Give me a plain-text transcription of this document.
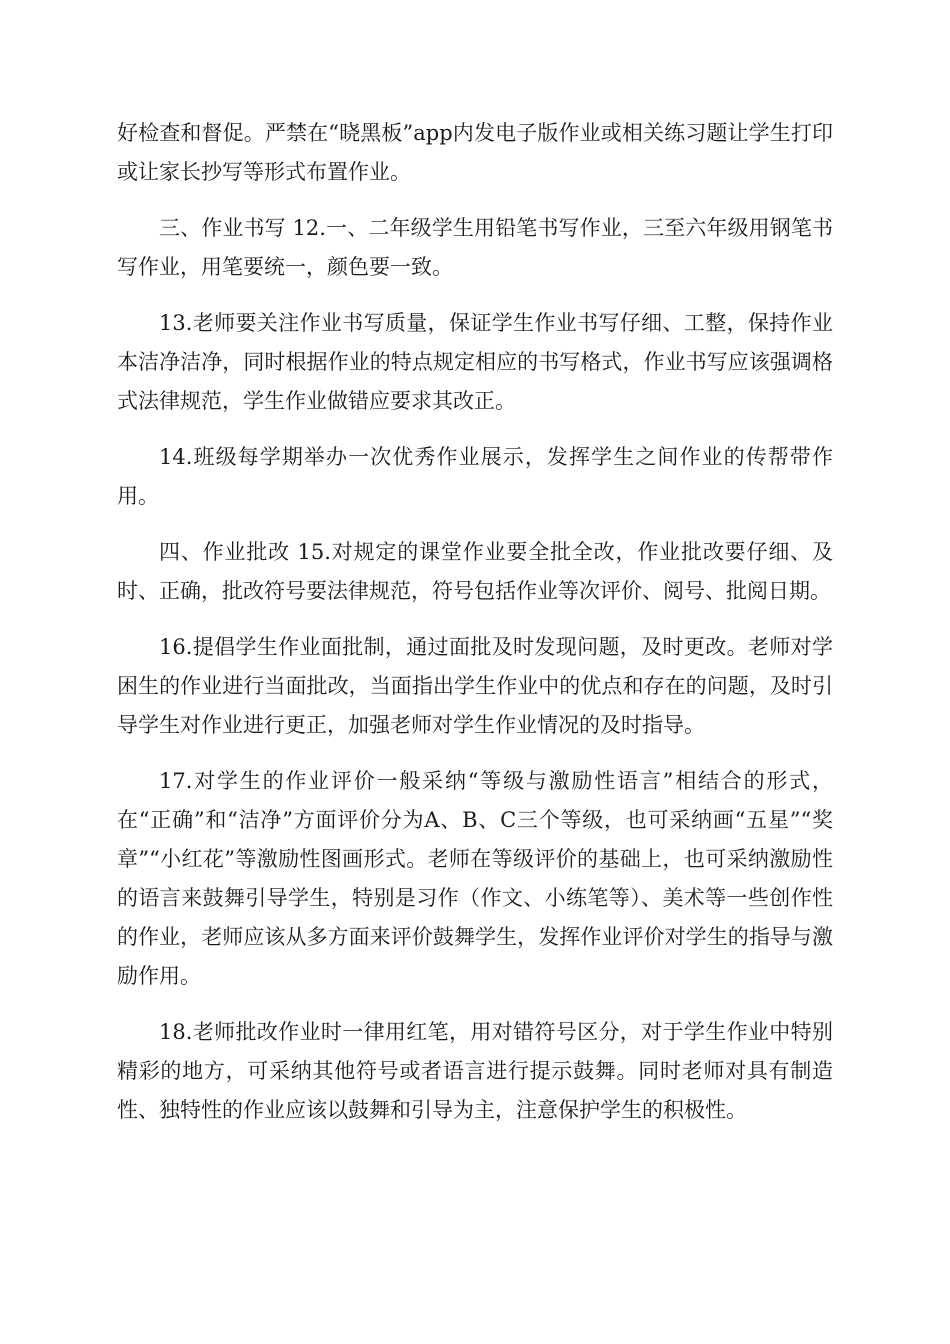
好检查和督促。严禁在“晓黑板”app内发电子版作业或相关练习题让学生打印或让家长抄写等形式布置作业。

三、作业书写 12.一、二年级学生用铅笔书写作业，三至六年级用钢笔书写作业，用笔要统一，颜色要一致。

13.老师要关注作业书写质量，保证学生作业书写仔细、工整，保持作业本洁净洁净，同时根据作业的特点规定相应的书写格式，作业书写应该强调格式法律规范，学生作业做错应要求其改正。

14.班级每学期举办一次优秀作业展示，发挥学生之间作业的传帮带作用。

四、作业批改 15.对规定的课堂作业要全批全改，作业批改要仔细、及时、正确，批改符号要法律规范，符号包括作业等次评价、阅号、批阅日期。

16.提倡学生作业面批制，通过面批及时发现问题，及时更改。老师对学困生的作业进行当面批改，当面指出学生作业中的优点和存在的问题，及时引导学生对作业进行更正，加强老师对学生作业情况的及时指导。

17.对学生的作业评价一般采纳“等级与激励性语言”相结合的形式，在“正确”和“洁净”方面评价分为A、B、C三个等级，也可采纳画“五星”“奖章”“小红花”等激励性图画形式。老师在等级评价的基础上，也可采纳激励性的语言来鼓舞引导学生，特别是习作（作文、小练笔等）、美术等一些创作性的作业，老师应该从多方面来评价鼓舞学生，发挥作业评价对学生的指导与激励作用。

18.老师批改作业时一律用红笔，用对错符号区分，对于学生作业中特别精彩的地方，可采纳其他符号或者语言进行提示鼓舞。同时老师对具有制造性、独特性的作业应该以鼓舞和引导为主，注意保护学生的积极性。
